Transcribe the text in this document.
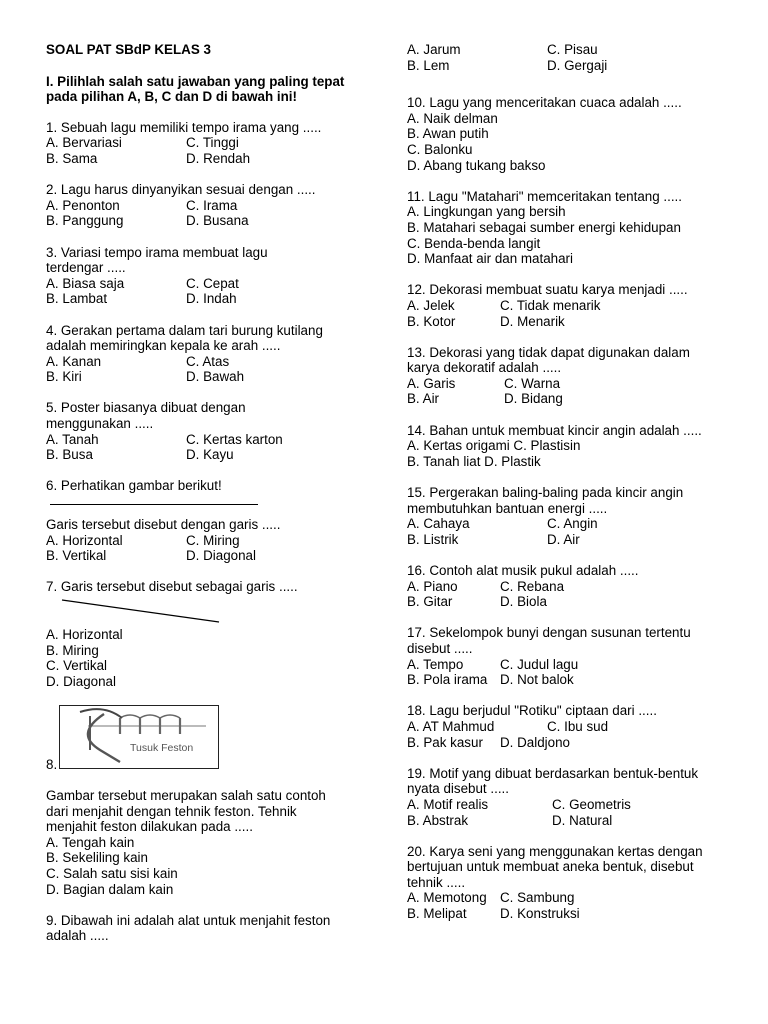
SOAL PAT SBdP KELAS 3
I. Pilihlah salah satu jawaban yang paling tepat pada pilihan A, B, C dan D di bawah ini!
1. Sebuah lagu memiliki tempo irama yang .....
A. Bervariasi	C. Tinggi
B. Sama	D. Rendah
2. Lagu harus dinyanyikan sesuai dengan .....
A. Penonton	C. Irama
B. Panggung	D. Busana
3. Variasi tempo irama membuat lagu
terdengar .....
A. Biasa saja	C. Cepat
B. Lambat	D. Indah
4. Gerakan pertama dalam tari burung kutilang
adalah memiringkan kepala ke arah .....
A. Kanan	C. Atas
B. Kiri	D. Bawah
5. Poster biasanya dibuat dengan
menggunakan .....
A. Tanah	C. Kertas karton
B. Busa	D. Kayu
6. Perhatikan gambar berikut!
Garis tersebut disebut dengan garis .....
A. Horizontal	C. Miring
B. Vertikal	D. Diagonal
7. Garis tersebut disebut sebagai garis .....
A. Horizontal
B. Miring
C. Vertikal
D. Diagonal
8.
Tusuk Feston
Gambar tersebut merupakan salah satu contoh
dari menjahit dengan tehnik feston. Tehnik
menjahit feston dilakukan pada .....
A. Tengah kain
B. Sekeliling kain
C. Salah satu sisi kain
D. Bagian dalam kain
9. Dibawah ini adalah alat untuk menjahit feston
adalah .....
A. Jarum	C. Pisau
B. Lem	D. Gergaji
10. Lagu yang menceritakan cuaca adalah .....
A. Naik delman
B. Awan putih
C. Balonku
D. Abang tukang bakso
11. Lagu "Matahari" memceritakan tentang .....
A. Lingkungan yang bersih
B. Matahari sebagai sumber energi kehidupan
C. Benda-benda langit
D. Manfaat air dan matahari
12. Dekorasi membuat suatu karya menjadi .....
A. Jelek	C. Tidak menarik
B. Kotor	D. Menarik
13. Dekorasi yang tidak dapat digunakan dalam
karya dekoratif adalah .....
A. Garis	C. Warna
B. Air	D. Bidang
14. Bahan untuk membuat kincir angin adalah .....
A. Kertas origami C. Plastisin
B. Tanah liat D. Plastik
15. Pergerakan baling-baling pada kincir angin
membutuhkan bantuan energi .....
A. Cahaya	C. Angin
B. Listrik	D. Air
16. Contoh alat musik pukul adalah .....
A. Piano	C. Rebana
B. Gitar	D. Biola
17. Sekelompok bunyi dengan susunan tertentu
disebut .....
A. Tempo	C. Judul lagu
B. Pola irama D. Not balok
18. Lagu berjudul "Rotiku" ciptaan dari .....
A. AT Mahmud	C. Ibu sud
B. Pak kasur	D. Daldjono
19. Motif yang dibuat berdasarkan bentuk-bentuk
nyata disebut .....
A. Motif realis	C. Geometris
B. Abstrak	D. Natural
20. Karya seni yang menggunakan kertas dengan
bertujuan untuk membuat aneka bentuk, disebut
tehnik .....
A. Memotong C. Sambung
B. Melipat	D. Konstruksi
